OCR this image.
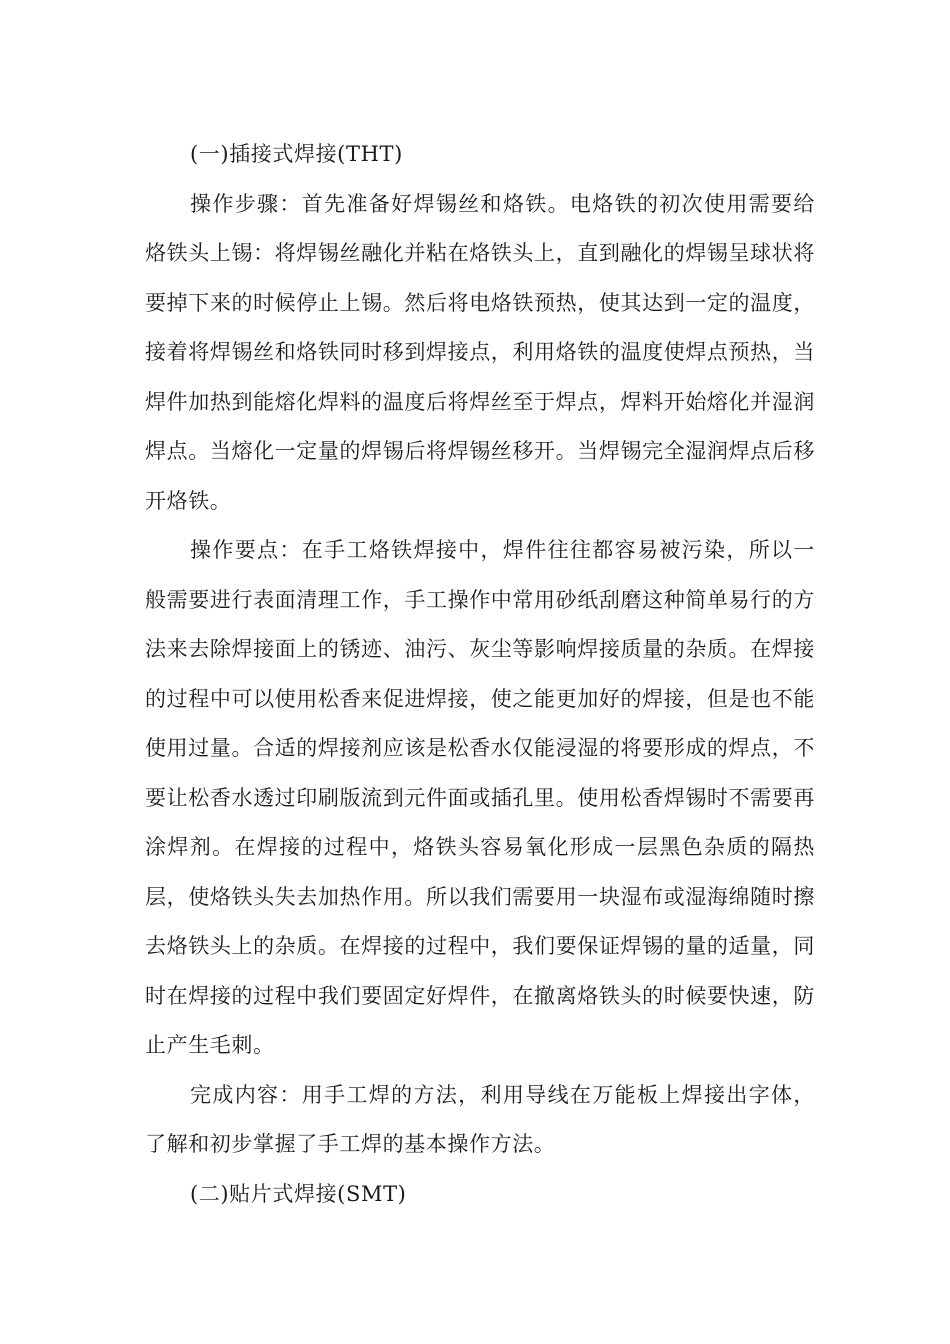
(一)插接式焊接(THT)

操作步骤：首先准备好焊锡丝和烙铁。电烙铁的初次使用需要给烙铁头上锡：将焊锡丝融化并粘在烙铁头上，直到融化的焊锡呈球状将要掉下来的时候停止上锡。然后将电烙铁预热，使其达到一定的温度，接着将焊锡丝和烙铁同时移到焊接点，利用烙铁的温度使焊点预热，当焊件加热到能熔化焊料的温度后将焊丝至于焊点，焊料开始熔化并湿润焊点。当熔化一定量的焊锡后将焊锡丝移开。当焊锡完全湿润焊点后移开烙铁。

操作要点：在手工烙铁焊接中，焊件往往都容易被污染，所以一般需要进行表面清理工作，手工操作中常用砂纸刮磨这种简单易行的方法来去除焊接面上的锈迹、油污、灰尘等影响焊接质量的杂质。在焊接的过程中可以使用松香来促进焊接，使之能更加好的焊接，但是也不能使用过量。合适的焊接剂应该是松香水仅能浸湿的将要形成的焊点，不要让松香水透过印刷版流到元件面或插孔里。使用松香焊锡时不需要再涂焊剂。在焊接的过程中，烙铁头容易氧化形成一层黑色杂质的隔热层，使烙铁头失去加热作用。所以我们需要用一块湿布或湿海绵随时擦去烙铁头上的杂质。在焊接的过程中，我们要保证焊锡的量的适量，同时在焊接的过程中我们要固定好焊件，在撤离烙铁头的时候要快速，防止产生毛刺。

完成内容：用手工焊的方法，利用导线在万能板上焊接出字体，了解和初步掌握了手工焊的基本操作方法。

(二)贴片式焊接(SMT)
